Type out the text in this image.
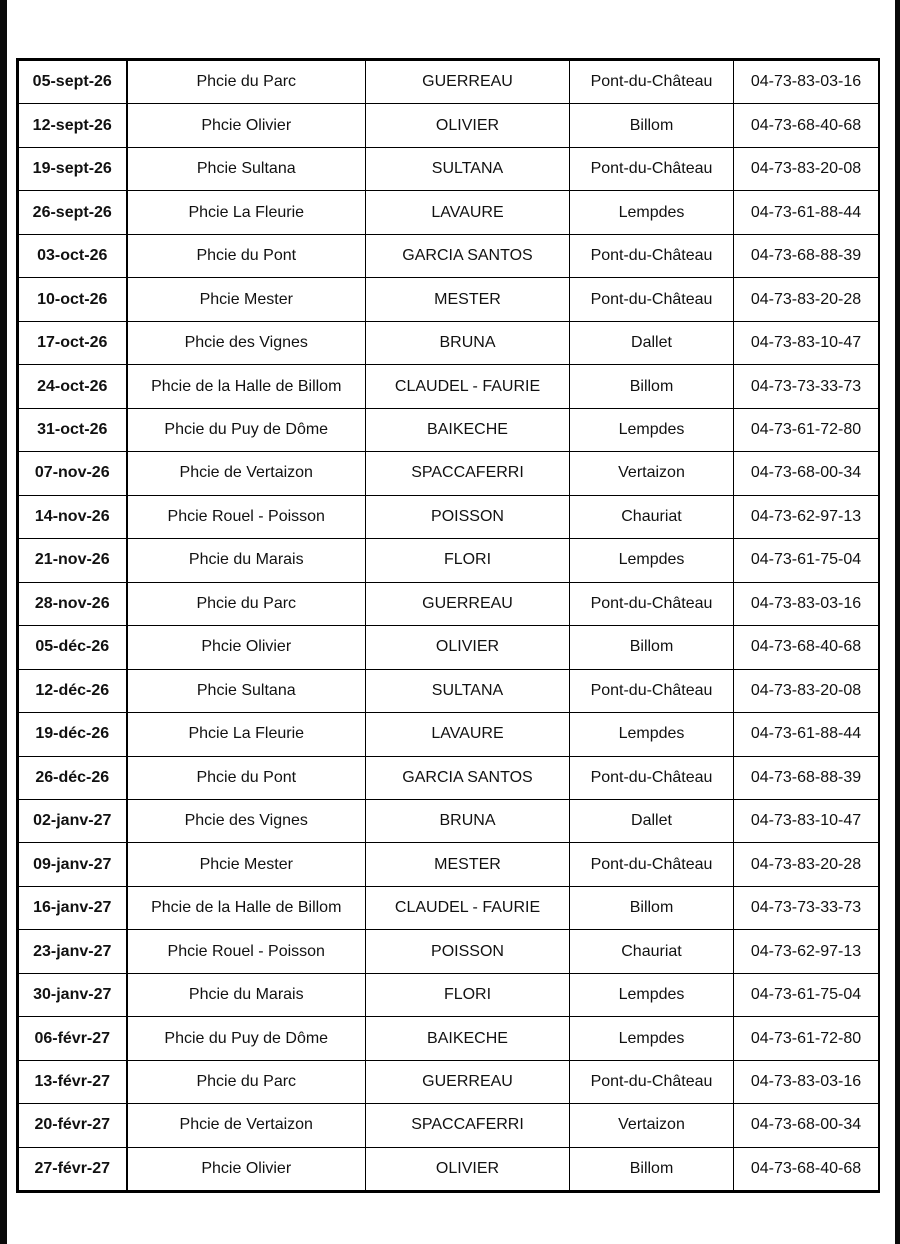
05-sept-26	Phcie du Parc	GUERREAU	Pont-du-Château	04-73-83-03-16
12-sept-26	Phcie Olivier	OLIVIER	Billom	04-73-68-40-68
19-sept-26	Phcie Sultana	SULTANA	Pont-du-Château	04-73-83-20-08
26-sept-26	Phcie La Fleurie	LAVAURE	Lempdes	04-73-61-88-44
03-oct-26	Phcie du Pont	GARCIA SANTOS	Pont-du-Château	04-73-68-88-39
10-oct-26	Phcie Mester	MESTER	Pont-du-Château	04-73-83-20-28
17-oct-26	Phcie des Vignes	BRUNA	Dallet	04-73-83-10-47
24-oct-26	Phcie de la Halle de Billom	CLAUDEL - FAURIE	Billom	04-73-73-33-73
31-oct-26	Phcie du Puy de Dôme	BAIKECHE	Lempdes	04-73-61-72-80
07-nov-26	Phcie de Vertaizon	SPACCAFERRI	Vertaizon	04-73-68-00-34
14-nov-26	Phcie Rouel - Poisson	POISSON	Chauriat	04-73-62-97-13
21-nov-26	Phcie du Marais	FLORI	Lempdes	04-73-61-75-04
28-nov-26	Phcie du Parc	GUERREAU	Pont-du-Château	04-73-83-03-16
05-déc-26	Phcie Olivier	OLIVIER	Billom	04-73-68-40-68
12-déc-26	Phcie Sultana	SULTANA	Pont-du-Château	04-73-83-20-08
19-déc-26	Phcie La Fleurie	LAVAURE	Lempdes	04-73-61-88-44
26-déc-26	Phcie du Pont	GARCIA SANTOS	Pont-du-Château	04-73-68-88-39
02-janv-27	Phcie des Vignes	BRUNA	Dallet	04-73-83-10-47
09-janv-27	Phcie Mester	MESTER	Pont-du-Château	04-73-83-20-28
16-janv-27	Phcie de la Halle de Billom	CLAUDEL - FAURIE	Billom	04-73-73-33-73
23-janv-27	Phcie Rouel - Poisson	POISSON	Chauriat	04-73-62-97-13
30-janv-27	Phcie du Marais	FLORI	Lempdes	04-73-61-75-04
06-févr-27	Phcie du Puy de Dôme	BAIKECHE	Lempdes	04-73-61-72-80
13-févr-27	Phcie du Parc	GUERREAU	Pont-du-Château	04-73-83-03-16
20-févr-27	Phcie de Vertaizon	SPACCAFERRI	Vertaizon	04-73-68-00-34
27-févr-27	Phcie Olivier	OLIVIER	Billom	04-73-68-40-68
